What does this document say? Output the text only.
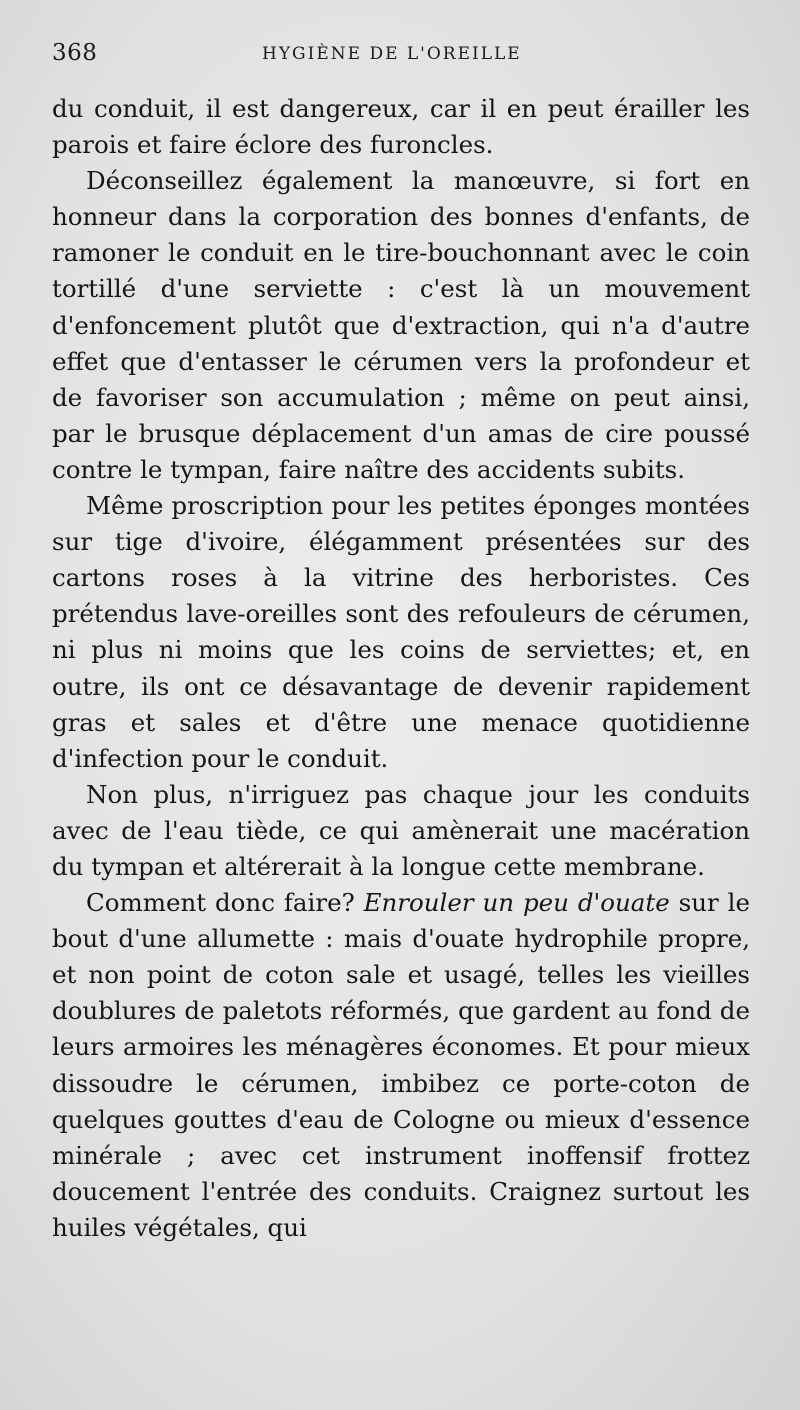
368	HYGIÈNE DE L'OREILLE

du conduit, il est dangereux, car il en peut érailler les parois et faire éclore des furoncles.

Déconseillez également la manœuvre, si fort en honneur dans la corporation des bonnes d'enfants, de ramoner le conduit en le tire-bouchonnant avec le coin tortillé d'une serviette : c'est là un mouvement d'enfoncement plutôt que d'extraction, qui n'a d'autre effet que d'entasser le cérumen vers la profondeur et de favoriser son accumulation ; même on peut ainsi, par le brusque déplacement d'un amas de cire poussé contre le tympan, faire naître des accidents subits.

Même proscription pour les petites éponges montées sur tige d'ivoire, élégamment présentées sur des cartons roses à la vitrine des herboristes. Ces prétendus lave-oreilles sont des refouleurs de cérumen, ni plus ni moins que les coins de serviettes; et, en outre, ils ont ce désavantage de devenir rapidement gras et sales et d'être une menace quotidienne d'infection pour le conduit.

Non plus, n'irriguez pas chaque jour les conduits avec de l'eau tiède, ce qui amènerait une macération du tympan et altérerait à la longue cette membrane.

Comment donc faire? Enrouler un peu d'ouate sur le bout d'une allumette : mais d'ouate hydrophile propre, et non point de coton sale et usagé, telles les vieilles doublures de paletots réformés, que gardent au fond de leurs armoires les ménagères économes. Et pour mieux dissoudre le cérumen, imbibez ce porte-coton de quelques gouttes d'eau de Cologne ou mieux d'essence minérale ; avec cet instrument inoffensif frottez doucement l'entrée des conduits. Craignez surtout les huiles végétales, qui
